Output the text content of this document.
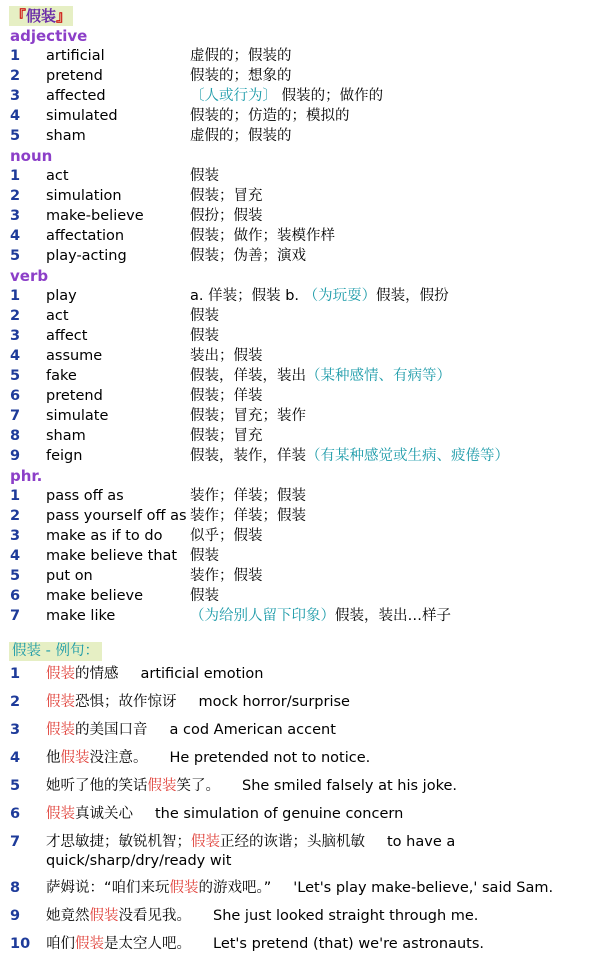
『假装』
adjective
1 artificial	虚假的；假装的
2 pretend	假装的；想象的
3 affected	〔人或行为〕 假装的；做作的
4 simulated	假装的；仿造的；模拟的
5 sham	虚假的；假装的
noun
1 act	假装
2 simulation	假装；冒充
3 make-believe	假扮；假装
4 affectation	假装；做作；装模作样
5 play-acting	假装；伪善；演戏
verb
1 play	a. 佯装；假装 b. （为玩耍）假装，假扮
2 act	假装
3 affect	假装
4 assume	装出；假装
5 fake	假装，佯装，装出（某种感情、有病等）
6 pretend	假装；佯装
7 simulate	假装；冒充；装作
8 sham	假装；冒充
9 feign	假装，装作，佯装（有某种感觉或生病、疲倦等）
phr.
1 pass off as	装作；佯装；假装
2 pass yourself off as 装作；佯装；假装
3 make as if to do 似乎；假装
4 make believe that 假装
5 put on	装作；假装
6 make believe	假装
7 make like	（为给别人留下印象）假装，装出…样子
假装 - 例句：
1 假装的情感 artificial emotion
2 假装恐惧；故作惊讶 mock horror/surprise
3 假装的美国口音 a cod American accent
4 他假装没注意。 He pretended not to notice.
5 她听了他的笑话假装笑了。 She smiled falsely at his joke.
6 假装真诚关心 the simulation of genuine concern
7 才思敏捷；敏锐机智；假装正经的诙谐；头脑机敏 to have a quick/sharp/dry/ready wit
8 萨姆说：“咱们来玩假装的游戏吧。” 'Let's play make-believe,' said Sam.
9 她竟然假装没看见我。 She just looked straight through me.
10 咱们假装是太空人吧。 Let's pretend (that) we're astronauts.
